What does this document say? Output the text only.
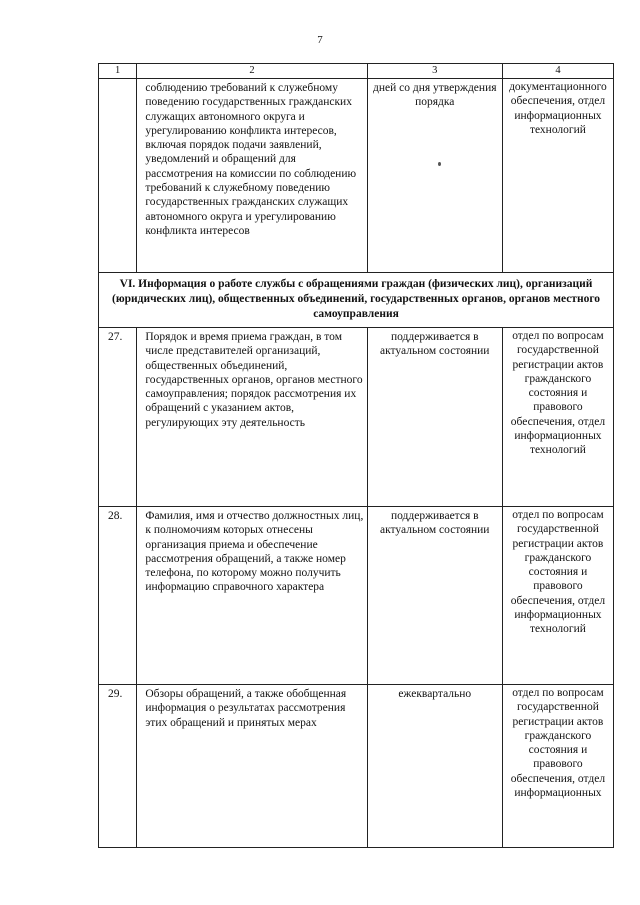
7
1	2	3	4
	соблюдению требований к служебному поведению государственных гражданских служащих автономного округа и урегулированию конфликта интересов, включая порядок подачи заявлений, уведомлений и обращений для рассмотрения на комиссии по соблюдению требований к служебному поведению государственных гражданских служащих автономного округа и урегулированию конфликта интересов	дней со дня утверждения порядка	документационного обеспечения, отдел информационных технологий
VI. Информация о работе службы с обращениями граждан (физических лиц), организаций (юридических лиц), общественных объединений, государственных органов, органов местного самоуправления			
27.	Порядок и время приема граждан, в том числе представителей организаций, общественных объединений, государственных органов, органов местного самоуправления; порядок рассмотрения их обращений с указанием актов, регулирующих эту деятельность	поддерживается в актуальном состоянии	отдел по вопросам государственной регистрации актов гражданского состояния и правового обеспечения, отдел информационных технологий
28.	Фамилия, имя и отчество должностных лиц, к полномочиям которых отнесены организация приема и обеспечение рассмотрения обращений, а также номер телефона, по которому можно получить информацию справочного характера	поддерживается в актуальном состоянии	отдел по вопросам государственной регистрации актов гражданского состояния и правового обеспечения, отдел информационных технологий
29.	Обзоры обращений, а также обобщенная информация о результатах рассмотрения этих обращений и принятых мерах	ежеквартально	отдел по вопросам государственной регистрации актов гражданского состояния и правового обеспечения, отдел информационных
